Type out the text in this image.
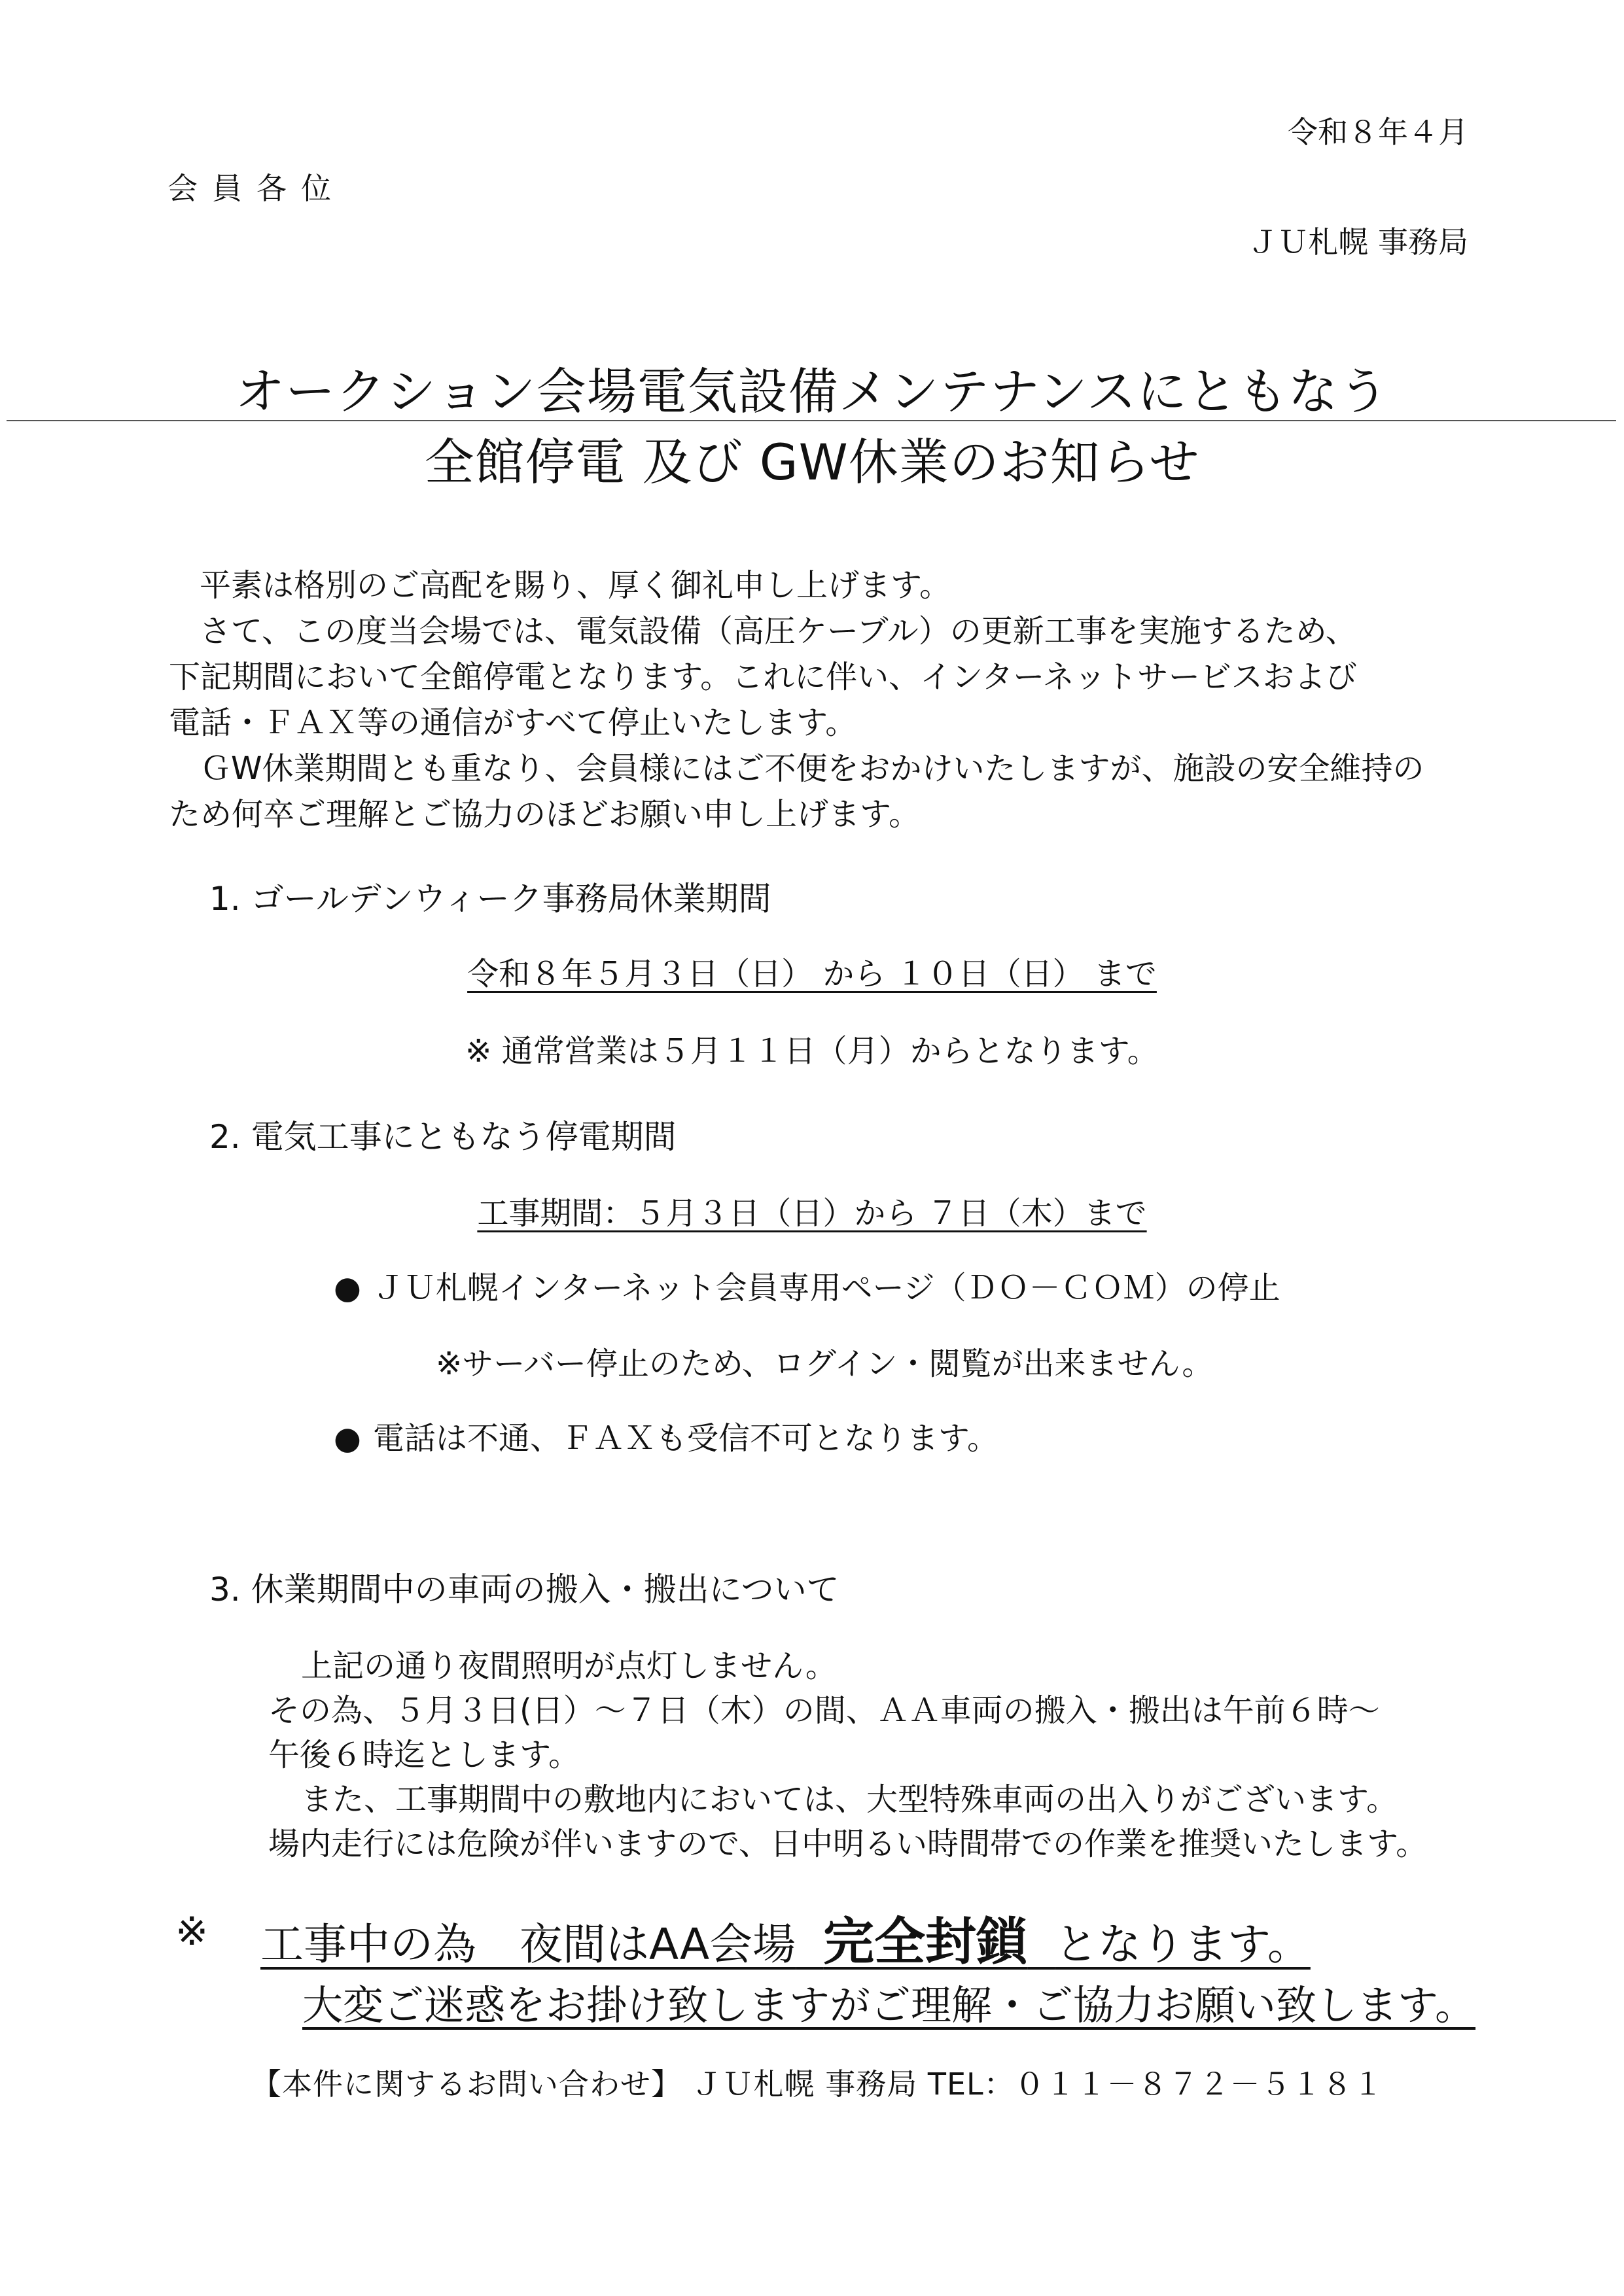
令和８年４月
会員各位
ＪＵ札幌 事務局
オークション会場電気設備メンテナンスにともなう
全館停電 及び GW休業のお知らせ
平素は格別のご高配を賜り、厚く御礼申し上げます。
さて、この度当会場では、電気設備（高圧ケーブル）の更新工事を実施するため、
下記期間において全館停電となります。これに伴い、インターネットサービスおよび
電話・ＦＡＸ等の通信がすべて停止いたします。
ＧW休業期間とも重なり、会員様にはご不便をおかけいたしますが、施設の安全維持の
ため何卒ご理解とご協力のほどお願い申し上げます。
1. ゴールデンウィーク事務局休業期間
令和８年５月３日（日） から １０日（日） まで
※ 通常営業は５月１１日（月）からとなります。
2. 電気工事にともなう停電期間
工事期間：５月３日（日）から ７日（木）まで
● ＪＵ札幌インターネット会員専用ページ（ＤＯ－ＣＯＭ）の停止
※サーバー停止のため、ログイン・閲覧が出来ません。
● 電話は不通、ＦＡＸも受信不可となります。
3. 休業期間中の車両の搬入・搬出について
上記の通り夜間照明が点灯しません。
その為、５月３日(日）～７日（木）の間、ＡＡ車両の搬入・搬出は午前６時～
午後６時迄とします。
また、工事期間中の敷地内においては、大型特殊車両の出入りがございます。
場内走行には危険が伴いますので、日中明るい時間帯での作業を推奨いたします。
※ 工事中の為　夜間はAA会場 完全封鎖 となります。
大変ご迷惑をお掛け致しますがご理解・ご協力お願い致します。
【本件に関するお問い合わせ】 ＪＵ札幌 事務局 TEL：０１１－８７２－５１８１
